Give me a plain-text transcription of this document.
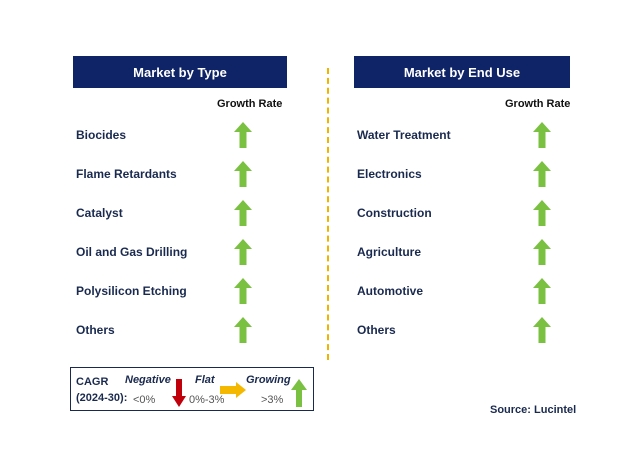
Market by Type
Growth Rate
Biocides
Flame Retardants
Catalyst
Oil and Gas Drilling
Polysilicon Etching
Others
Market by End Use
Growth Rate
Water Treatment
Electronics
Construction
Agriculture
Automotive
Others
CAGR
(2024-30):
Negative
<0%
Flat
0%-3%
Growing
>3%
Source: Lucintel
